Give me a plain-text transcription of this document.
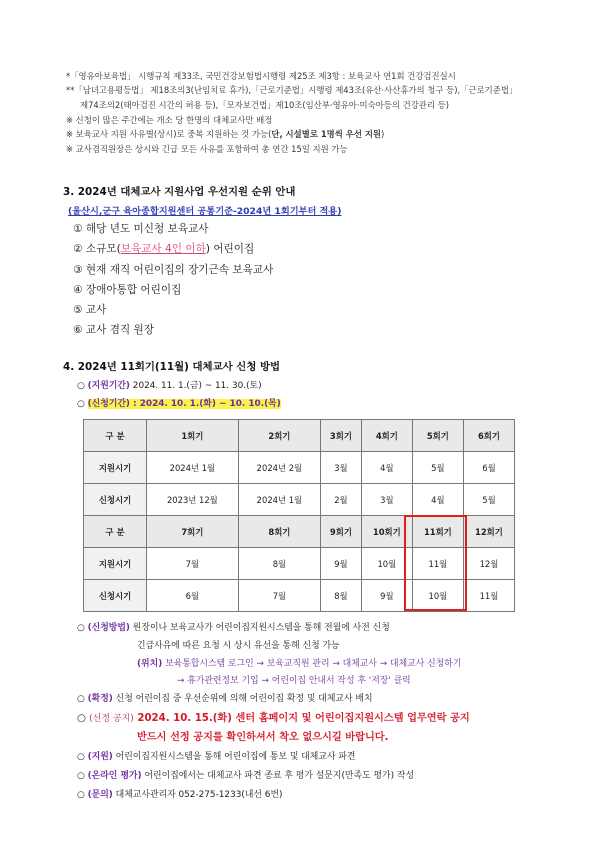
*「영유아보육법」 시행규칙 제33조, 국민건강보험법시행령 제25조 제3항 : 보육교사 연1회 건강검진실시
**「남녀고용평등법」 제18조의3(난임치료 휴가),「근로기준법」시행령 제43조(유산·사산휴가의 청구 등),「근로기준법」
제74조의2(태아검진 시간의 허용 등),「모자보건법」제10조(임산부·영유아·미숙아등의 건강관리 등)
※ 신청이 많은 주간에는 개소 당 한명의 대체교사만 배정
※ 보육교사 지원 사유별(상시)로 중복 지원하는 것 가능(단, 시설별로 1명씩 우선 지원)
※ 교사겸직원장은 상시와 긴급 모든 사유를 포함하여 총 연간 15일 지원 가능
3. 2024년 대체교사 지원사업 우선지원 순위 안내
(울산시,군구 육아종합지원센터 공통기준-2024년 1회기부터 적용)
① 해당 년도 미신청 보육교사
② 소규모(보육교사 4인 이하) 어린이집
③ 현재 재직 어린이집의 장기근속 보육교사
④ 장애아통합 어린이집
⑤ 교사
⑥ 교사 겸직 원장
4. 2024년 11회기(11월) 대체교사 신청 방법
○ (지원기간) 2024. 11. 1.(금) ~ 11. 30.(토)
○ (신청기간) : 2024. 10. 1.(화) ~ 10. 10.(목)
구 분	1회기	2회기	3회기	4회기	5회기	6회기
지원시기	2024년 1월	2024년 2월	3월	4월	5월	6월
신청시기	2023년 12월	2024년 1월	2월	3월	4월	5월
구 분	7회기	8회기	9회기	10회기	11회기	12회기
지원시기	7월	8월	9월	10월	11월	12월
신청시기	6월	7월	8월	9월	10월	11월
○ (신청방법) 원장이나 보육교사가 어린이집지원시스템을 통해 전월에 사전 신청
긴급사유에 따른 요청 시 상시 유선을 통해 신청 가능
(위치) 보육통합시스템 로그인 → 보육교직원 관리 → 대체교사 → 대체교사 신청하기
→ 휴가관련정보 기입 → 어린이집 안내서 작성 후 '저장' 클릭
○ (확정) 신청 어린이집 중 우선순위에 의해 어린이집 확정 및 대체교사 배치
○ (선정 공지) 2024. 10. 15.(화) 센터 홈페이지 및 어린이집지원시스템 업무연락 공지
반드시 선정 공지를 확인하셔서 착오 없으시길 바랍니다.
○ (지원) 어린이집지원시스템을 통해 어린이집에 통보 및 대체교사 파견
○ (온라인 평가) 어린이집에서는 대체교사 파견 종료 후 평가 설문지(만족도 평가) 작성
○ (문의) 대체교사관리자 052-275-1233(내선 6번)
